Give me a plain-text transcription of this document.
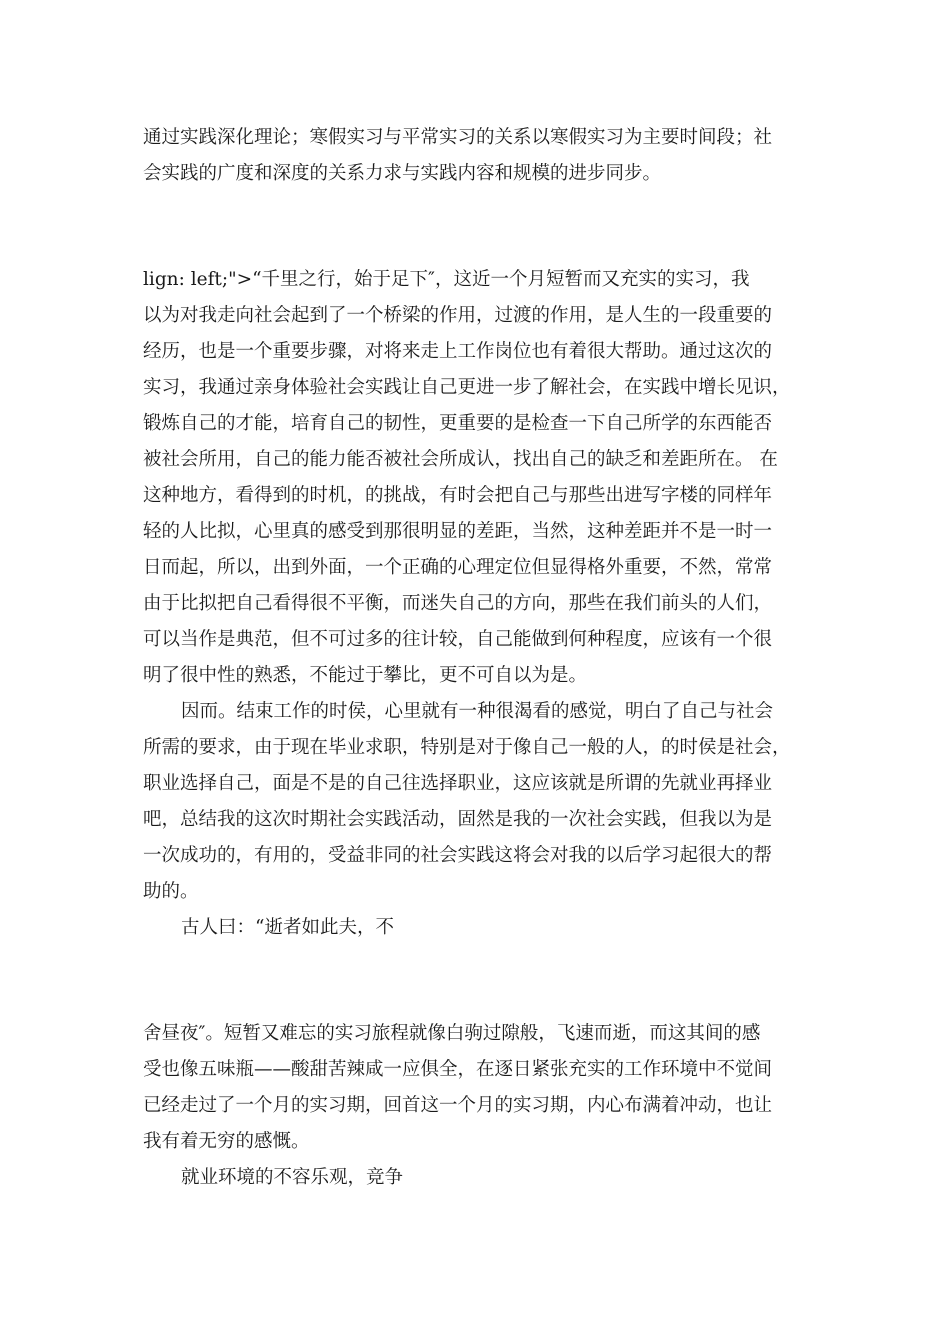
通过实践深化理论；寒假实习与平常实习的关系以寒假实习为主要时间段；社
会实践的广度和深度的关系力求与实践内容和规模的进步同步。
lign: left;">“千里之行，始于足下″，这近一个月短暂而又充实的实习，我
以为对我走向社会起到了一个桥梁的作用，过渡的作用，是人生的一段重要的
经历，也是一个重要步骤，对将来走上工作岗位也有着很大帮助。通过这次的
实习，我通过亲身体验社会实践让自己更进一步了解社会，在实践中增长见识，
锻炼自己的才能，培育自己的韧性，更重要的是检查一下自己所学的东西能否
被社会所用，自己的能力能否被社会所成认，找出自己的缺乏和差距所在。 在
这种地方，看得到的时机，的挑战，有时会把自己与那些出进写字楼的同样年
轻的人比拟，心里真的感受到那很明显的差距，当然，这种差距并不是一时一
日而起，所以，出到外面，一个正确的心理定位但显得格外重要，不然，常常
由于比拟把自己看得很不平衡，而迷失自己的方向，那些在我们前头的人们，
可以当作是典范，但不可过多的往计较，自己能做到何种程度，应该有一个很
明了很中性的熟悉，不能过于攀比，更不可自以为是。
因而。结束工作的时侯，心里就有一种很渴看的感觉，明白了自己与社会
所需的要求，由于现在毕业求职，特别是对于像自己一般的人，的时侯是社会，
职业选择自己，面是不是的自己往选择职业，这应该就是所谓的先就业再择业
吧，总结我的这次时期社会实践活动，固然是我的一次社会实践，但我以为是
一次成功的，有用的，受益非同的社会实践这将会对我的以后学习起很大的帮
助的。
古人曰：“逝者如此夫，不
舍昼夜″。短暂又难忘的实习旅程就像白驹过隙般，飞速而逝，而这其间的感
受也像五味瓶——酸甜苦辣咸一应俱全，在逐日紧张充实的工作环境中不觉间
已经走过了一个月的实习期，回首这一个月的实习期，内心布满着冲动，也让
我有着无穷的感慨。
就业环境的不容乐观，竞争
